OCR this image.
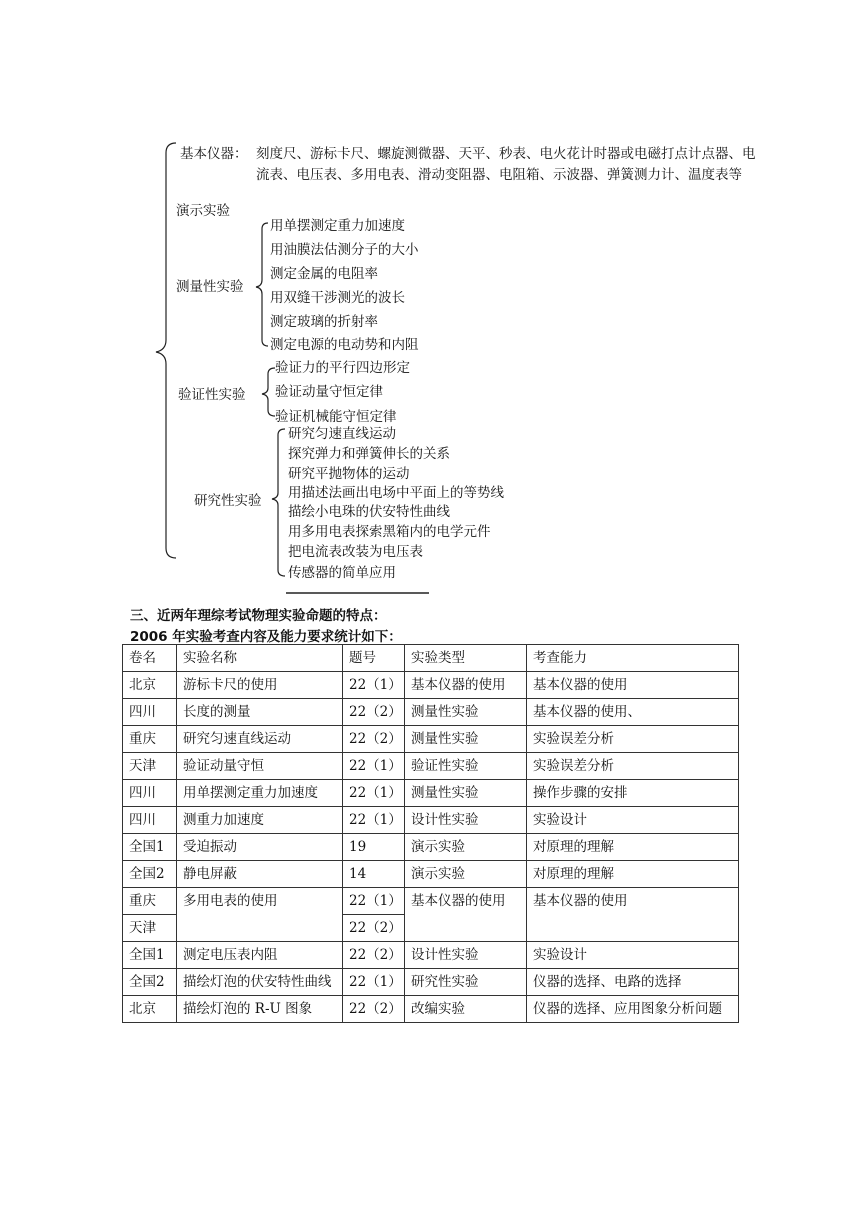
基本仪器： 刻度尺、游标卡尺、螺旋测微器、天平、秒表、电火花计时器或电磁打点计点器、电
流表、电压表、多用电表、滑动变阻器、电阻箱、示波器、弹簧测力计、温度表等
演示实验
测量性实验
用单摆测定重力加速度
用油膜法估测分子的大小
测定金属的电阻率
用双缝干涉测光的波长
测定玻璃的折射率
测定电源的电动势和内阻
验证性实验
验证力的平行四边形定
验证动量守恒定律
验证机械能守恒定律
研究性实验
研究匀速直线运动
探究弹力和弹簧伸长的关系
研究平抛物体的运动
用描述法画出电场中平面上的等势线
描绘小电珠的伏安特性曲线
用多用电表探索黑箱内的电学元件
把电流表改装为电压表
传感器的简单应用
三、近两年理综考试物理实验命题的特点：
2006 年实验考查内容及能力要求统计如下：
卷名	实验名称	题号	实验类型	考查能力
北京	游标卡尺的使用	22（1）	基本仪器的使用	基本仪器的使用
四川	长度的测量	22（2）	测量性实验	基本仪器的使用、
重庆	研究匀速直线运动	22（2）	测量性实验	实验误差分析
天津	验证动量守恒	22（1）	验证性实验	实验误差分析
四川	用单摆测定重力加速度	22（1）	测量性实验	操作步骤的安排
四川	测重力加速度	22（1）	设计性实验	实验设计
全国1	受迫振动	19	演示实验	对原理的理解
全国2	静电屏蔽	14	演示实验	对原理的理解
重庆	多用电表的使用	22（1）	基本仪器的使用	基本仪器的使用
天津		22（2）		
全国1	测定电压表内阻	22（2）	设计性实验	实验设计
全国2	描绘灯泡的伏安特性曲线	22（1）	研究性实验	仪器的选择、电路的选择
北京	描绘灯泡的 R-U 图象	22（2）	改编实验	仪器的选择、应用图象分析问题
